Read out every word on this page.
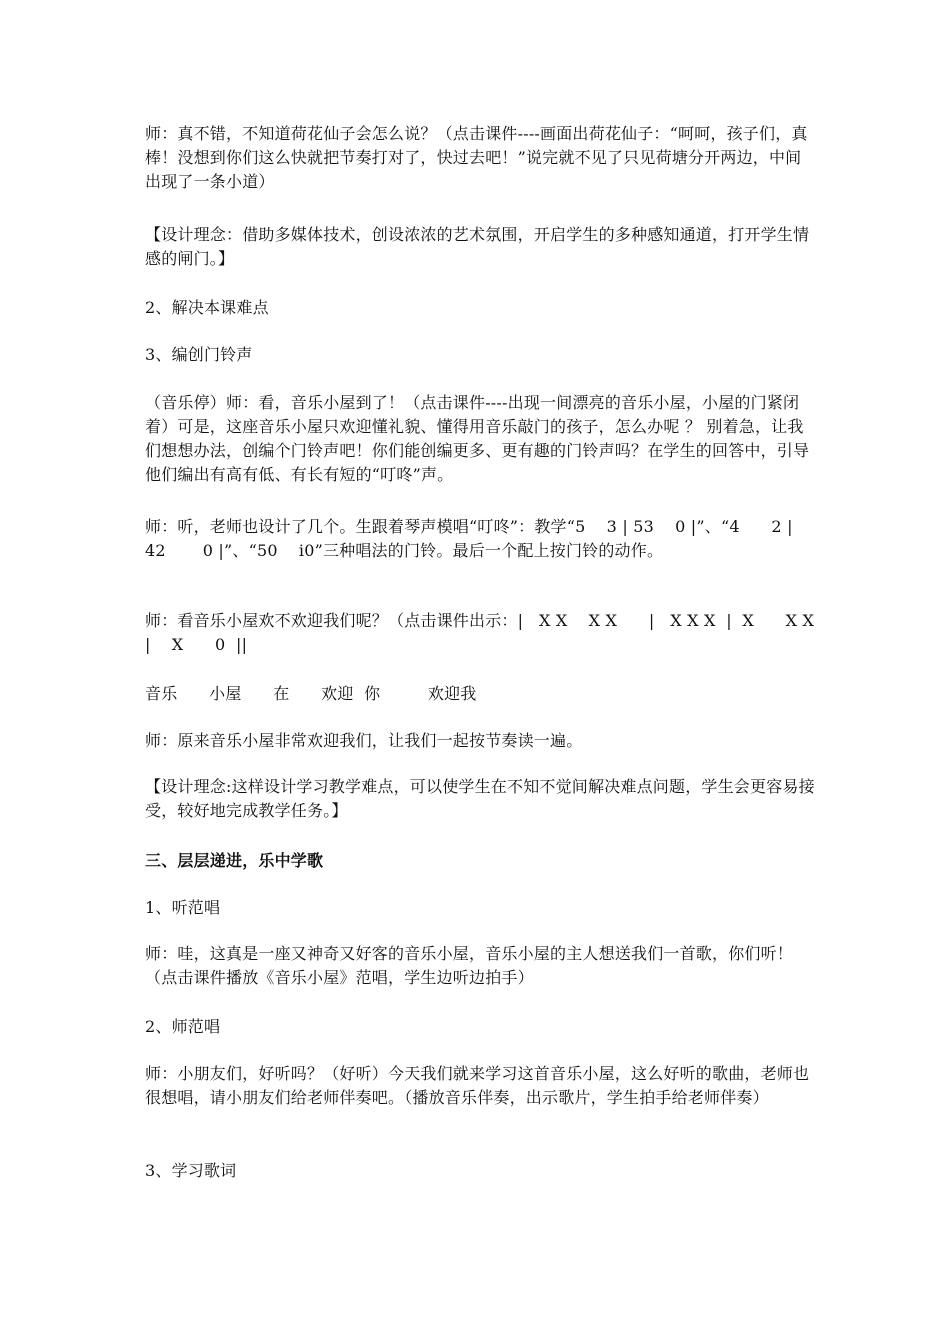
师：真不错，不知道荷花仙子会怎么说？（点击课件----画面出荷花仙子：“呵呵，孩子们，真棒！没想到你们这么快就把节奏打对了，快过去吧！”说完就不见了只见荷塘分开两边，中间出现了一条小道）

【设计理念：借助多媒体技术，创设浓浓的艺术氛围，开启学生的多种感知通道，打开学生情感的闸门。】

2、解决本课难点

3、编创门铃声

（音乐停）师：看，音乐小屋到了！（点击课件----出现一间漂亮的音乐小屋，小屋的门紧闭着）可是，这座音乐小屋只欢迎懂礼貌、懂得用音乐敲门的孩子，怎么办呢 ？ 别着急，让我们想想办法，创编个门铃声吧！你们能创编更多、更有趣的门铃声吗？在学生的回答中，引导他们编出有高有低、有长有短的“叮咚”声。

师：听，老师也设计了几个。生跟着琴声模唱“叮咚”：教学“5    3 | 53    0 |”、“4      2 | 42       0 |”、“50    i0”三种唱法的门铃。最后一个配上按门铃的动作。

师：看音乐小屋欢不欢迎我们呢？（点击课件出示：|   X X    X X      |   X X X  |  X      X X  |    X      0  ||

音乐      小屋      在      欢迎  你         欢迎我

师：原来音乐小屋非常欢迎我们，让我们一起按节奏读一遍。

【设计理念:这样设计学习教学难点，可以使学生在不知不觉间解决难点问题，学生会更容易接受，较好地完成教学任务。】

三、层层递进，乐中学歌

1、听范唱

师：哇，这真是一座又神奇又好客的音乐小屋，音乐小屋的主人想送我们一首歌，你们听！（点击课件播放《音乐小屋》范唱，学生边听边拍手）

2、师范唱

师：小朋友们，好听吗？（好听）今天我们就来学习这首音乐小屋，这么好听的歌曲，老师也很想唱，请小朋友们给老师伴奏吧。（播放音乐伴奏，出示歌片，学生拍手给老师伴奏）

3、学习歌词
